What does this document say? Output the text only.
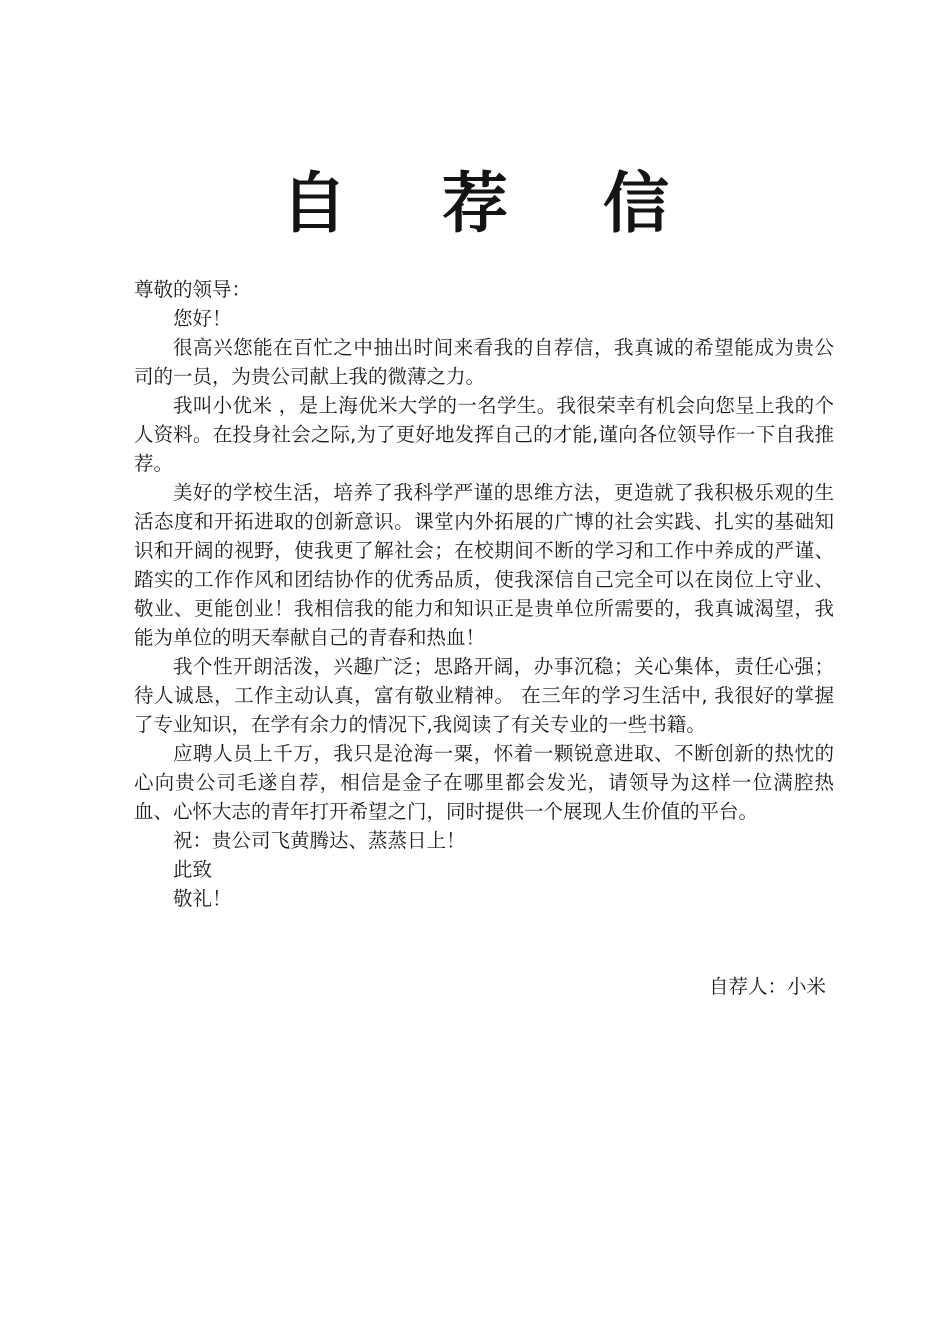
自 荐 信

尊敬的领导：

您好！

很高兴您能在百忙之中抽出时间来看我的自荐信，我真诚的希望能成为贵公司的一员，为贵公司献上我的微薄之力。

我叫小优米 ，是上海优米大学的一名学生。我很荣幸有机会向您呈上我的个人资料。在投身社会之际,为了更好地发挥自己的才能,谨向各位领导作一下自我推荐。

美好的学校生活，培养了我科学严谨的思维方法，更造就了我积极乐观的生活态度和开拓进取的创新意识。课堂内外拓展的广博的社会实践、扎实的基础知识和开阔的视野，使我更了解社会；在校期间不断的学习和工作中养成的严谨、踏实的工作作风和团结协作的优秀品质，使我深信自己完全可以在岗位上守业、敬业、更能创业！我相信我的能力和知识正是贵单位所需要的，我真诚渴望，我能为单位的明天奉献自己的青春和热血！

我个性开朗活泼，兴趣广泛；思路开阔，办事沉稳；关心集体，责任心强；待人诚恳，工作主动认真，富有敬业精神。 在三年的学习生活中, 我很好的掌握了专业知识，在学有余力的情况下,我阅读了有关专业的一些书籍。

应聘人员上千万，我只是沧海一粟，怀着一颗锐意进取、不断创新的热忱的心向贵公司毛遂自荐，相信是金子在哪里都会发光，请领导为这样一位满腔热血、心怀大志的青年打开希望之门，同时提供一个展现人生价值的平台。

祝：贵公司飞黄腾达、蒸蒸日上！

此致

敬礼！

自荐人：小米
